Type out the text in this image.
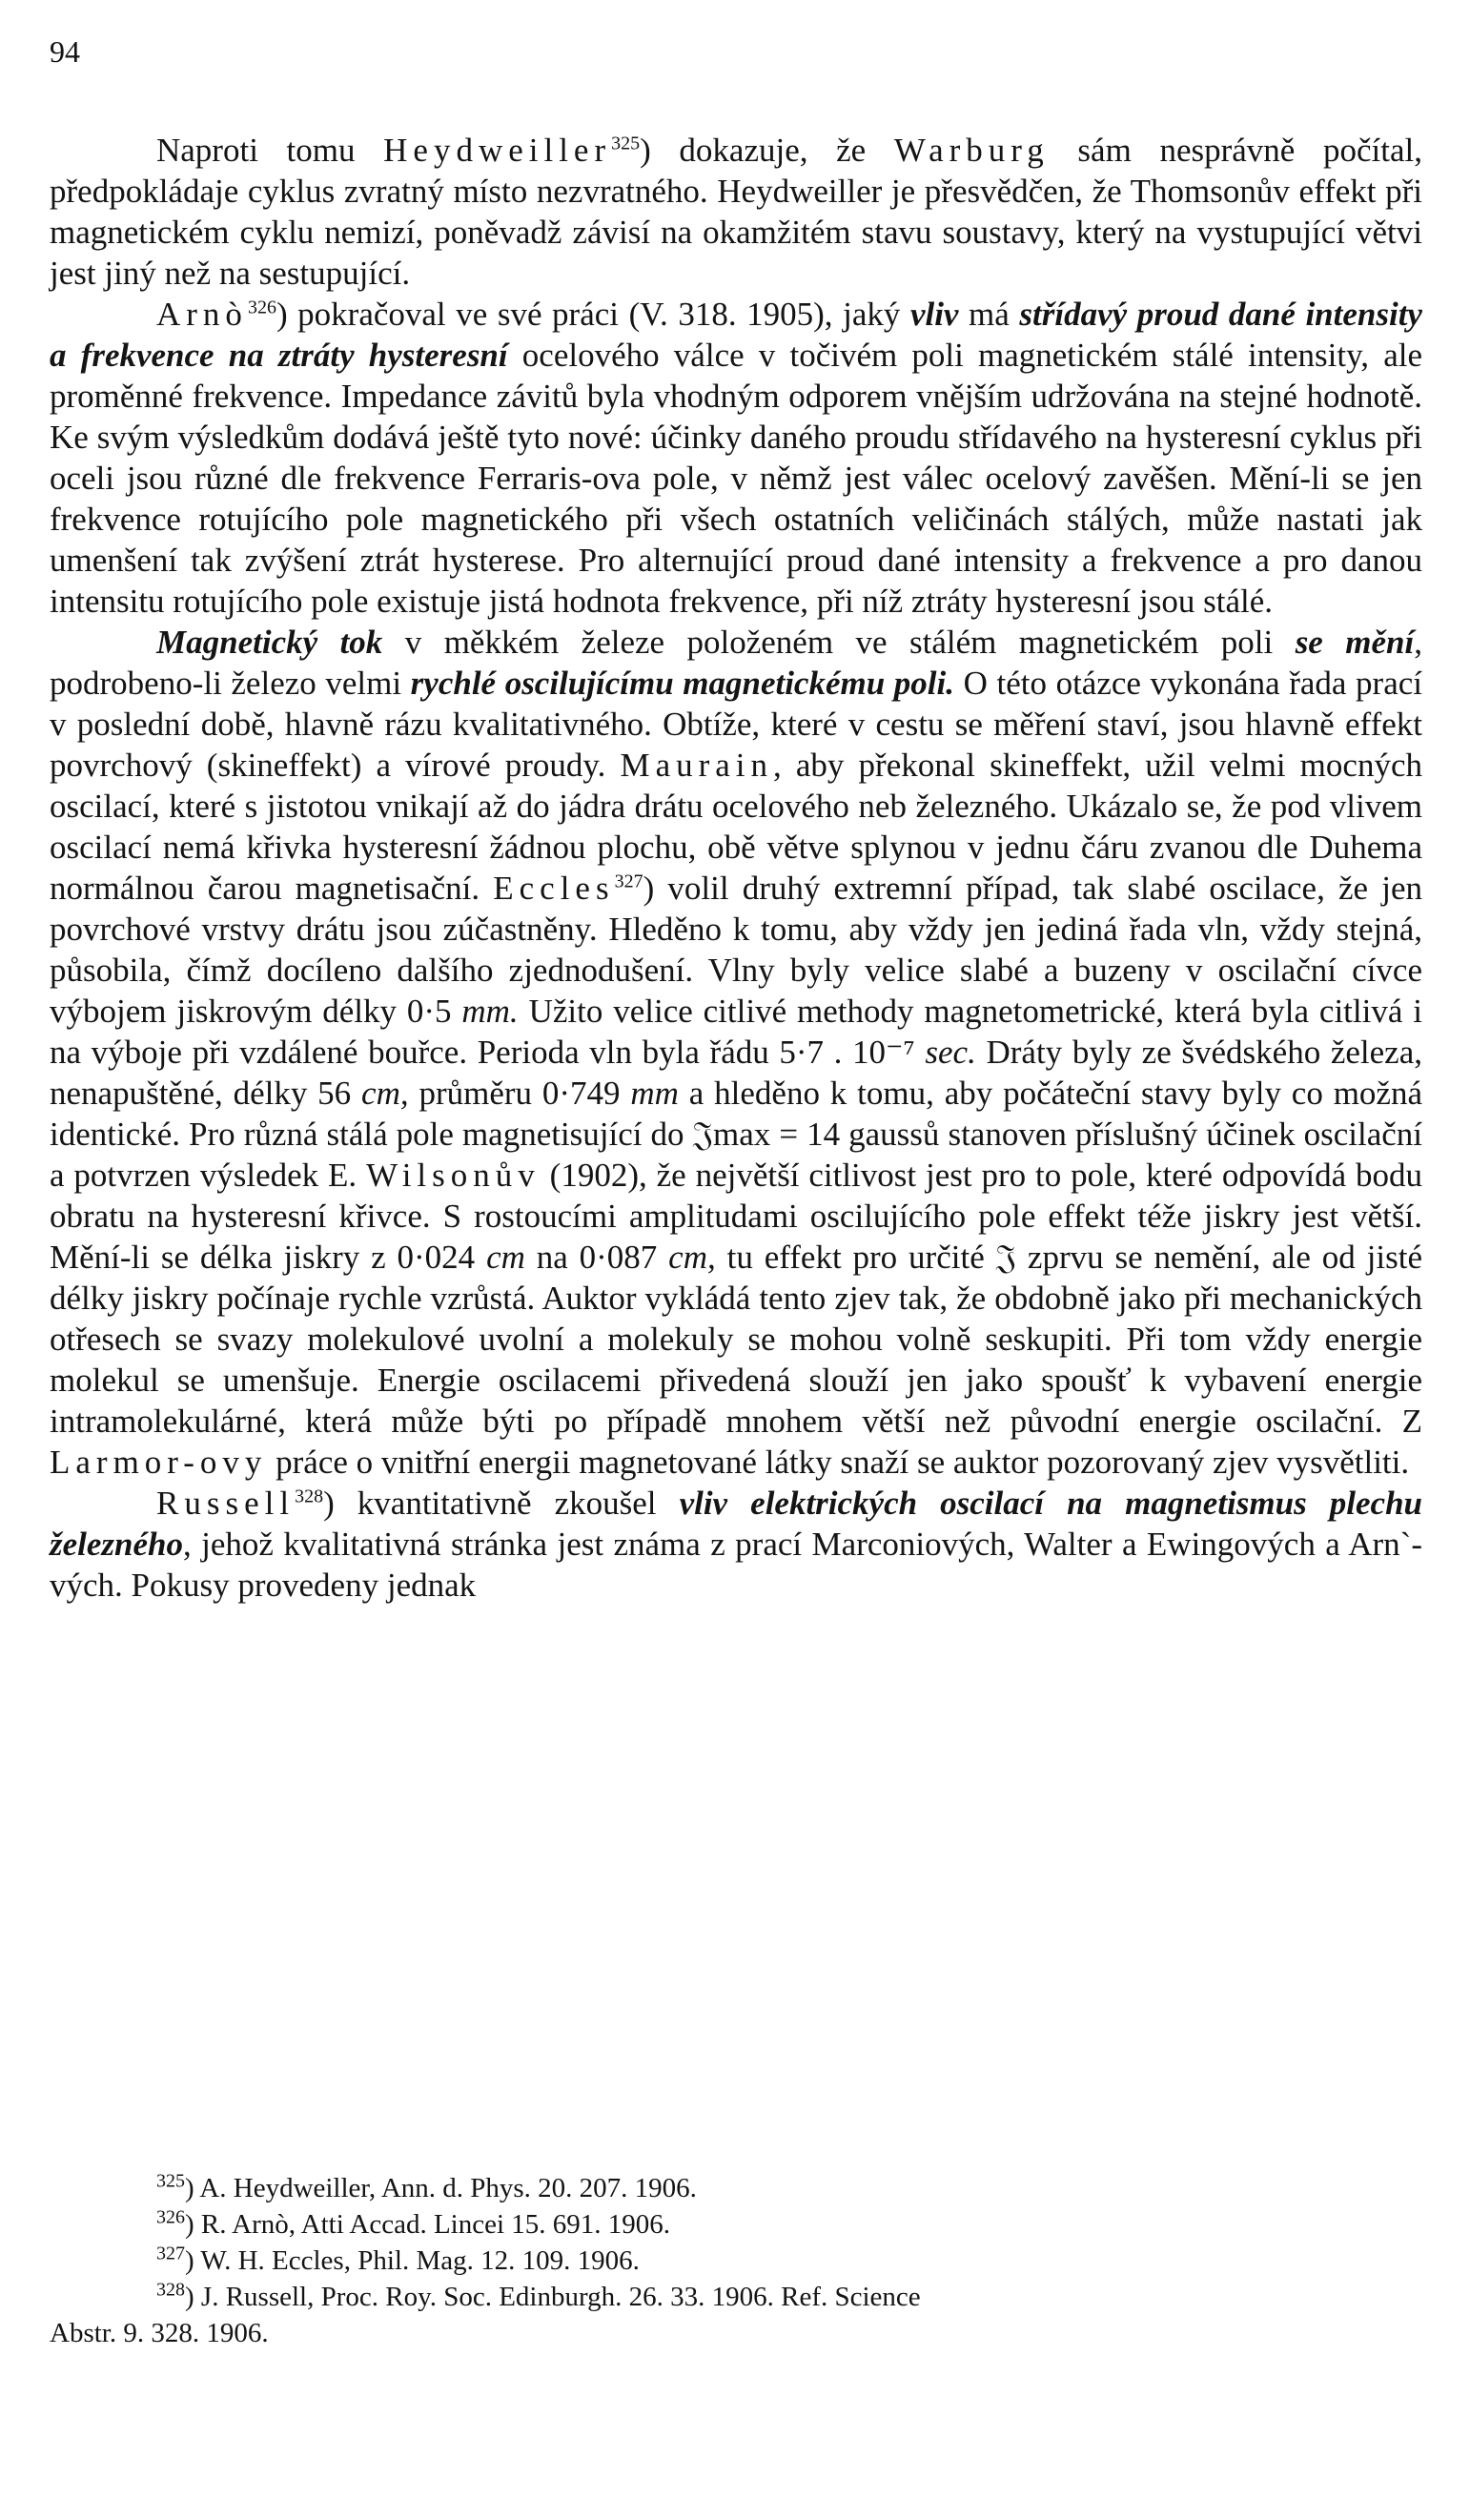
94

Naproti tomu Heydweiller$^{325}$) dokazuje, že Warburg sám nesprávně počítal, předpokládaje cyklus zvratný místo nezvratného. Heydweiller je přesvědčen, že Thomsonův effekt při magnetickém cyklu nemizí, poněvadž závisí na okamžitém stavu soustavy, který na vystupující větvi jest jiný než na sestupující.

Arnò$^{326}$) pokračoval ve své práci (V. 318. 1905), jaký vliv má střídavý proud dané intensity a frekvence na ztráty hysteresní ocelového válce v točivém poli magnetickém stálé intensity, ale proměnné frekvence. Impedance závitů byla vhodným odporem vnějším udržována na stejné hodnotě. Ke svým výsledkům dodává ještě tyto nové: účinky daného proudu střídavého na hysteresní cyklus při oceli jsou různé dle frekvence Ferraris-ova pole, v němž jest válec ocelový zavěšen. Mění-li se jen frekvence rotujícího pole magnetického při všech ostatních veličinách stálých, může nastati jak umenšení tak zvýšení ztrát hysterese. Pro alternující proud dané intensity a frekvence a pro danou intensitu rotujícího pole existuje jistá hodnota frekvence, při níž ztráty hysteresní jsou stálé.

Magnetický tok v měkkém železe položeném ve stálém magnetickém poli se mění, podrobeno-li železo velmi rychlé oscilujícímu magnetickému poli. O této otázce vykonána řada prací v poslední době, hlavně rázu kvalitativného. Obtíže, které v cestu se měření staví, jsou hlavně effekt povrchový (skineffekt) a vírové proudy. Maurain, aby překonal skineffekt, užil velmi mocných oscilací, které s jistotou vnikají až do jádra drátu ocelového neb železného. Ukázalo se, že pod vlivem oscilací nemá křivka hysteresní žádnou plochu, obě větve splynou v jednu čáru zvanou dle Duhema normálnou čarou magnetisační. Eccles$^{327}$) volil druhý extremní případ, tak slabé oscilace, že jen povrchové vrstvy drátu jsou zúčastněny. Hleděno k tomu, aby vždy jen jediná řada vln, vždy stejná, působila, čímž docíleno dalšího zjednodušení. Vlny byly velice slabé a buzeny v oscilační cívce výbojem jiskrovým délky 0·5 mm. Užito velice citlivé methody magnetometrické, která byla citlivá i na výboje při vzdálené bouřce. Perioda vln byla řádu 5·7 . 10⁻⁷ sec. Dráty byly ze švédského železa, nenapuštěné, délky 56 cm, průměru 0·749 mm a hleděno k tomu, aby počáteční stavy byly co možná identické. Pro různá stálá pole magnetisující do 𝔍max = 14 gaussů stanoven příslušný účinek oscilační a potvrzen výsledek E. Wilsonův (1902), že největší citlivost jest pro to pole, které odpovídá bodu obratu na hysteresní křivce. S rostoucími amplitudami oscilujícího pole effekt téže jiskry jest větší. Mění-li se délka jiskry z 0·024 cm na 0·087 cm, tu effekt pro určité 𝔍 zprvu se nemění, ale od jisté délky jiskry počínaje rychle vzrůstá. Auktor vykládá tento zjev tak, že obdobně jako při mechanických otřesech se svazy molekulové uvolní a molekuly se mohou volně seskupiti. Při tom vždy energie molekul se umenšuje. Energie oscilacemi přivedená slouží jen jako spoušť k vybavení energie intramolekulárné, která může býti po případě mnohem větší než původní energie oscilační. Z Larmor-ovy práce o vnitřní energii magnetované látky snaží se auktor pozorovaný zjev vysvětliti.

Russell$^{328}$) kvantitativně zkoušel vliv elektrických oscilací na magnetismus plechu železného, jehož kvalitativná stránka jest známa z prací Marconiových, Walter a Ewingových a Arn`-vých. Pokusy provedeny jednak

$^{325}$) A. Heydweiller, Ann. d. Phys. 20. 207. 1906.

$^{326}$) R. Arnò, Atti Accad. Lincei 15. 691. 1906.

$^{327}$) W. H. Eccles, Phil. Mag. 12. 109. 1906.

$^{328}$) J. Russell, Proc. Roy. Soc. Edinburgh. 26. 33. 1906. Ref. Science

Abstr. 9. 328. 1906.
